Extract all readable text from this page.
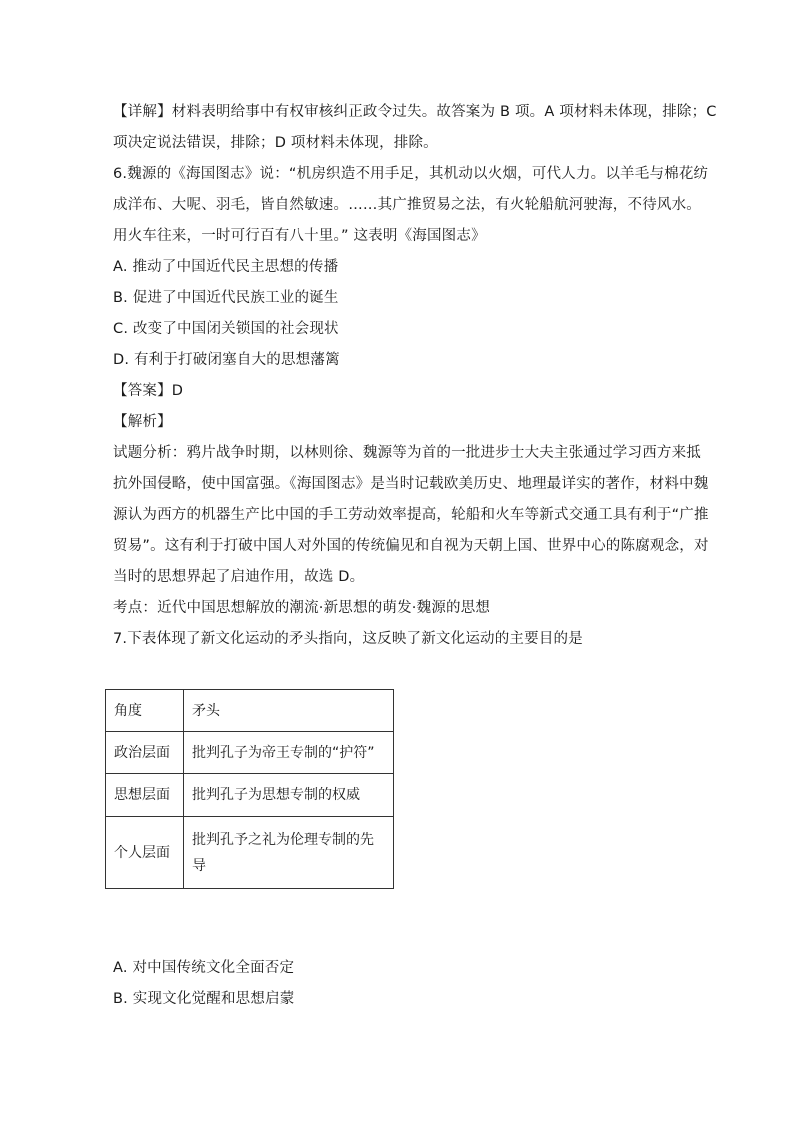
【详解】材料表明给事中有权审核纠正政令过失。故答案为 B 项。A 项材料未体现，排除；C
项决定说法错误，排除；D 项材料未体现，排除。
6.魏源的《海国图志》说：“机房织造不用手足，其机动以火烟，可代人力。以羊毛与棉花纺
成洋布、大呢、羽毛，皆自然敏速。……其广推贸易之法，有火轮船航河驶海，不待风水。
用火车往来，一时可行百有八十里。” 这表明《海国图志》
A. 推动了中国近代民主思想的传播
B. 促进了中国近代民族工业的诞生
C. 改变了中国闭关锁国的社会现状
D. 有利于打破闭塞自大的思想藩篱
【答案】D
【解析】
试题分析：鸦片战争时期，以林则徐、魏源等为首的一批进步士大夫主张通过学习西方来抵
抗外国侵略，使中国富强。《海国图志》是当时记载欧美历史、地理最详实的著作，材料中魏
源认为西方的机器生产比中国的手工劳动效率提高，轮船和火车等新式交通工具有利于“广推
贸易”。这有利于打破中国人对外国的传统偏见和自视为天朝上国、世界中心的陈腐观念，对
当时的思想界起了启迪作用，故选 D。
考点：近代中国思想解放的潮流·新思想的萌发·魏源的思想
7.下表体现了新文化运动的矛头指向，这反映了新文化运动的主要目的是
角度	矛头
政治层面	批判孔子为帝王专制的“护符”
思想层面	批判孔子为思想专制的权威
个人层面	批判孔予之礼为伦理专制的先
导
A. 对中国传统文化全面否定
B. 实现文化觉醒和思想启蒙
